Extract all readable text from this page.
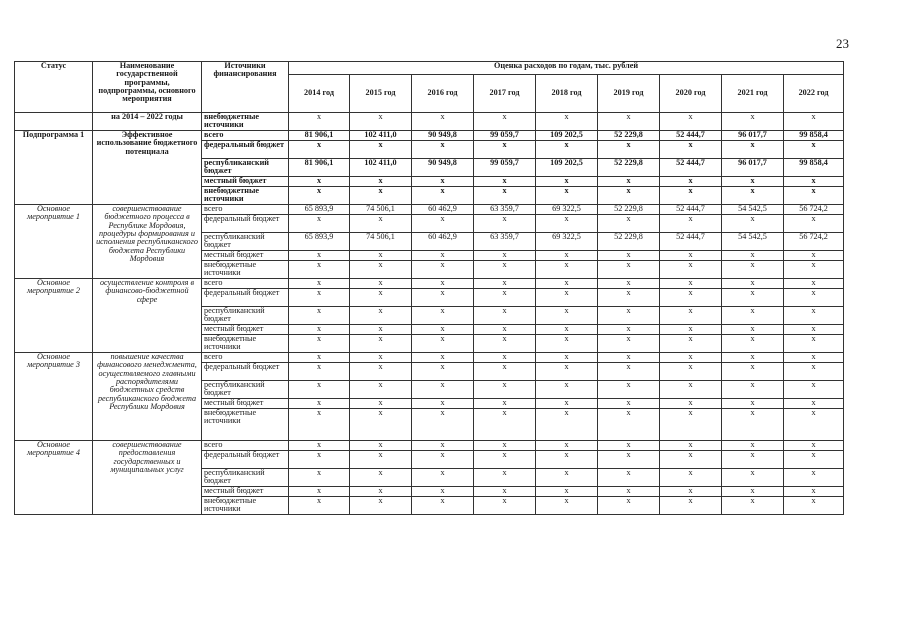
23
Статус	Наименование государственной программы, подпрограммы, основного мероприятия	Источники финансирования	Оценка расходов по годам, тыс. рублей								
			2014 год	2015 год	2016 год	2017 год	2018 год	2019 год	2020 год	2021 год	2022 год
	на 2014 – 2022 годы	внебюджетные источники	х	х	х	х	х	х	х	х	х
Подпрограмма 1	Эффективное использование бюджетного потенциала	всего	81 906,1	102 411,0	90 949,8	99 059,7	109 202,5	52 229,8	52 444,7	96 017,7	99 858,4
		федеральный бюджет	х	х	х	х	х	х	х	х	х
		республиканский бюджет	81 906,1	102 411,0	90 949,8	99 059,7	109 202,5	52 229,8	52 444,7	96 017,7	99 858,4
		местный бюджет	х	х	х	х	х	х	х	х	х
		внебюджетные источники	х	х	х	х	х	х	х	х	х
Основное мероприятие 1	совершенствование бюджетного процесса в Республике Мордовия, процедуры формирования и исполнения республиканского бюджета Республики Мордовия	всего	65 893,9	74 506,1	60 462,9	63 359,7	69 322,5	52 229,8	52 444,7	54 542,5	56 724,2
		федеральный бюджет	х	х	х	х	х	х	х	х	х
		республиканский бюджет	65 893,9	74 506,1	60 462,9	63 359,7	69 322,5	52 229,8	52 444,7	54 542,5	56 724,2
		местный бюджет	х	х	х	х	х	х	х	х	х
		внебюджетные источники	х	х	х	х	х	х	х	х	х
Основное мероприятие 2	осуществление контроля в финансово-бюджетной сфере	всего	х	х	х	х	х	х	х	х	х
		федеральный бюджет	х	х	х	х	х	х	х	х	х
		республиканский бюджет	х	х	х	х	х	х	х	х	х
		местный бюджет	х	х	х	х	х	х	х	х	х
		внебюджетные источники	х	х	х	х	х	х	х	х	х
Основное мероприятие 3	повышение качества финансового менеджмента, осуществляемого главными распорядителями бюджетных средств республиканского бюджета Республики Мордовия	всего	х	х	х	х	х	х	х	х	х
		федеральный бюджет	х	х	х	х	х	х	х	х	х
		республиканский бюджет	х	х	х	х	х	х	х	х	х
		местный бюджет	х	х	х	х	х	х	х	х	х
		внебюджетные источники	х	х	х	х	х	х	х	х	х
Основное мероприятие 4	совершенствование предоставления государственных и муниципальных услуг	всего	х	х	х	х	х	х	х	х	х
		федеральный бюджет	х	х	х	х	х	х	х	х	х
		республиканский бюджет	х	х	х	х	х	х	х	х	х
		местный бюджет	х	х	х	х	х	х	х	х	х
		внебюджетные источники	х	х	х	х	х	х	х	х	х
